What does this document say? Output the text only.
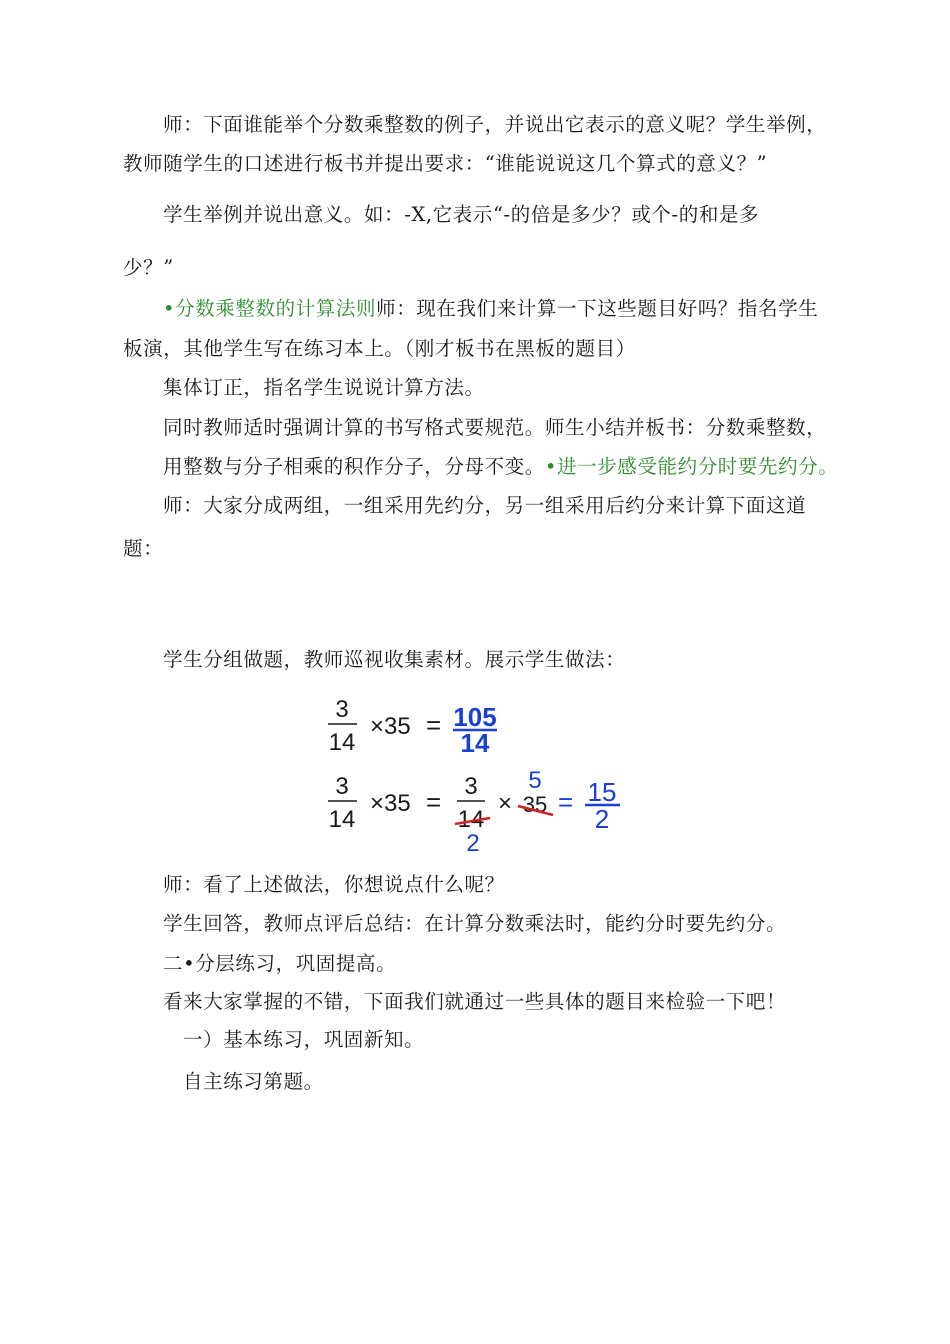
师：下面谁能举个分数乘整数的例子，并说出它表示的意义呢？学生举例，
教师随学生的口述进行板书并提出要求：“谁能说说这几个算式的意义？”
学生举例并说出意义。如：-X,它表示“-的倍是多少？或个-的和是多
少？”
•分数乘整数的计算法则师：现在我们来计算一下这些题目好吗？指名学生
板演，其他学生写在练习本上。（刚才板书在黑板的题目）
集体订正，指名学生说说计算方法。
同时教师适时强调计算的书写格式要规范。师生小结并板书：分数乘整数，
用整数与分子相乘的积作分子，分母不变。•进一步感受能约分时要先约分。
师：大家分成两组，一组采用先约分，另一组采用后约分来计算下面这道
题：
学生分组做题，教师巡视收集素材。展示学生做法：
3
14
×35 = 105
14
3
14
×35 =
3
14
2
× 35
5
= 15
2
师：看了上述做法，你想说点什么呢？
学生回答，教师点评后总结：在计算分数乘法时，能约分时要先约分。
二•分层练习，巩固提高。
看来大家掌握的不错，下面我们就通过一些具体的题目来检验一下吧！
一）基本练习，巩固新知。
自主练习第题。
